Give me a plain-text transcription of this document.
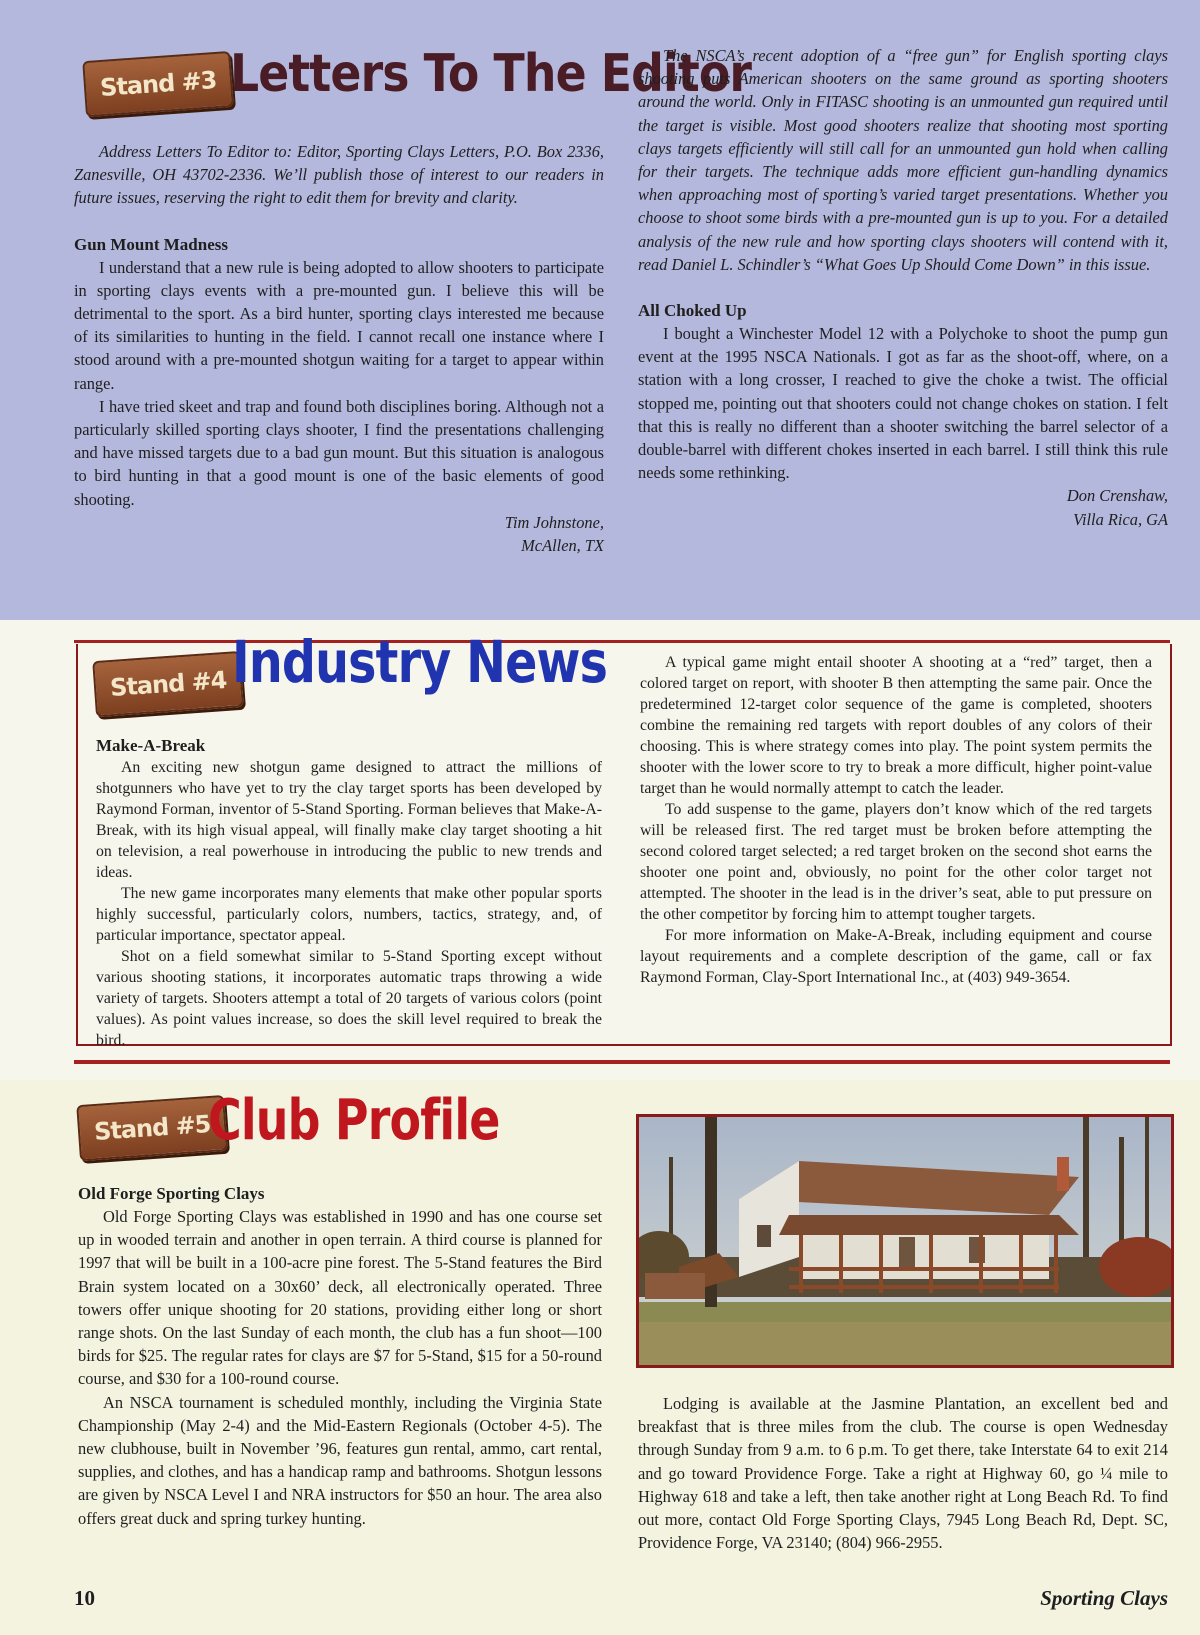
Stand #3 Letters To The Editor

Address Letters To Editor to: Editor, Sporting Clays Letters, P.O. Box 2336, Zanesville, OH 43702-2336. We’ll publish those of interest to our readers in future issues, reserving the right to edit them for brevity and clarity.

Gun Mount Madness

I understand that a new rule is being adopted to allow shooters to participate in sporting clays events with a pre-mounted gun. I believe this will be detrimental to the sport. As a bird hunter, sporting clays interested me because of its similarities to hunting in the field. I cannot recall one instance where I stood around with a pre-mounted shotgun waiting for a target to appear within range.

I have tried skeet and trap and found both disciplines boring. Although not a particularly skilled sporting clays shooter, I find the presentations challenging and have missed targets due to a bad gun mount. But this situation is analogous to bird hunting in that a good mount is one of the basic elements of good shooting.

Tim Johnstone,
McAllen, TX

The NSCA’s recent adoption of a “free gun” for English sporting clays shooting puts American shooters on the same ground as sporting shooters around the world. Only in FITASC shooting is an unmounted gun required until the target is visible. Most good shooters realize that shooting most sporting clays targets efficiently will still call for an unmounted gun hold when calling for their targets. The technique adds more efficient gun-handling dynamics when approaching most of sporting’s varied target presentations. Whether you choose to shoot some birds with a pre-mounted gun is up to you. For a detailed analysis of the new rule and how sporting clays shooters will contend with it, read Daniel L. Schindler’s “What Goes Up Should Come Down” in this issue.

All Choked Up

I bought a Winchester Model 12 with a Polychoke to shoot the pump gun event at the 1995 NSCA Nationals. I got as far as the shoot-off, where, on a station with a long crosser, I reached to give the choke a twist. The official stopped me, pointing out that shooters could not change chokes on station. I felt that this is really no different than a shooter switching the barrel selector of a double-barrel with different chokes inserted in each barrel. I still think this rule needs some rethinking.

Don Crenshaw,
Villa Rica, GA
Stand #4 Industry News
Make-A-Break

An exciting new shotgun game designed to attract the millions of shotgunners who have yet to try the clay target sports has been developed by Raymond Forman, inventor of 5-Stand Sporting. Forman believes that Make-A-Break, with its high visual appeal, will finally make clay target shooting a hit on television, a real powerhouse in introducing the public to new trends and ideas.

The new game incorporates many elements that make other popular sports highly successful, particularly colors, numbers, tactics, strategy, and, of particular importance, spectator appeal.

Shot on a field somewhat similar to 5-Stand Sporting except without various shooting stations, it incorporates automatic traps throwing a wide variety of targets. Shooters attempt a total of 20 targets of various colors (point values). As point values increase, so does the skill level required to break the bird.

A typical game might entail shooter A shooting at a “red” target, then a colored target on report, with shooter B then attempting the same pair. Once the predetermined 12-target color sequence of the game is completed, shooters combine the remaining red targets with report doubles of any colors of their choosing. This is where strategy comes into play. The point system permits the shooter with the lower score to try to break a more difficult, higher point-value target than he would normally attempt to catch the leader.

To add suspense to the game, players don’t know which of the red targets will be released first. The red target must be broken before attempting the second colored target selected; a red target broken on the second shot earns the shooter one point and, obviously, no point for the other color target not attempted. The shooter in the lead is in the driver’s seat, able to put pressure on the other competitor by forcing him to attempt tougher targets.

For more information on Make-A-Break, including equipment and course layout requirements and a complete description of the game, call or fax Raymond Forman, Clay-Sport International Inc., at (403) 949-3654.

Stand #5
Club Profile
Old Forge Sporting Clays

Old Forge Sporting Clays was established in 1990 and has one course set up in wooded terrain and another in open terrain. A third course is planned for 1997 that will be built in a 100-acre pine forest. The 5-Stand features the Bird Brain system located on a 30x60’ deck, all electronically operated. Three towers offer unique shooting for 20 stations, providing either long or short range shots. On the last Sunday of each month, the club has a fun shoot—100 birds for $25. The regular rates for clays are $7 for 5-Stand, $15 for a 50-round course, and $30 for a 100-round course.

An NSCA tournament is scheduled monthly, including the Virginia State Championship (May 2-4) and the Mid-Eastern Regionals (October 4-5). The new clubhouse, built in November ’96, features gun rental, ammo, cart rental, supplies, and clothes, and has a handicap ramp and bathrooms. Shotgun lessons are given by NSCA Level I and NRA instructors for $50 an hour. The area also offers great duck and spring turkey hunting.

Lodging is available at the Jasmine Plantation, an excellent bed and breakfast that is three miles from the club. The course is open Wednesday through Sunday from 9 a.m. to 6 p.m. To get there, take Interstate 64 to exit 214 and go toward Providence Forge. Take a right at Highway 60, go ¼ mile to Highway 618 and take a left, then take another right at Long Beach Rd. To find out more, contact Old Forge Sporting Clays, 7945 Long Beach Rd, Dept. SC, Providence Forge, VA 23140; (804) 966-2955.

10	Sporting Clays
